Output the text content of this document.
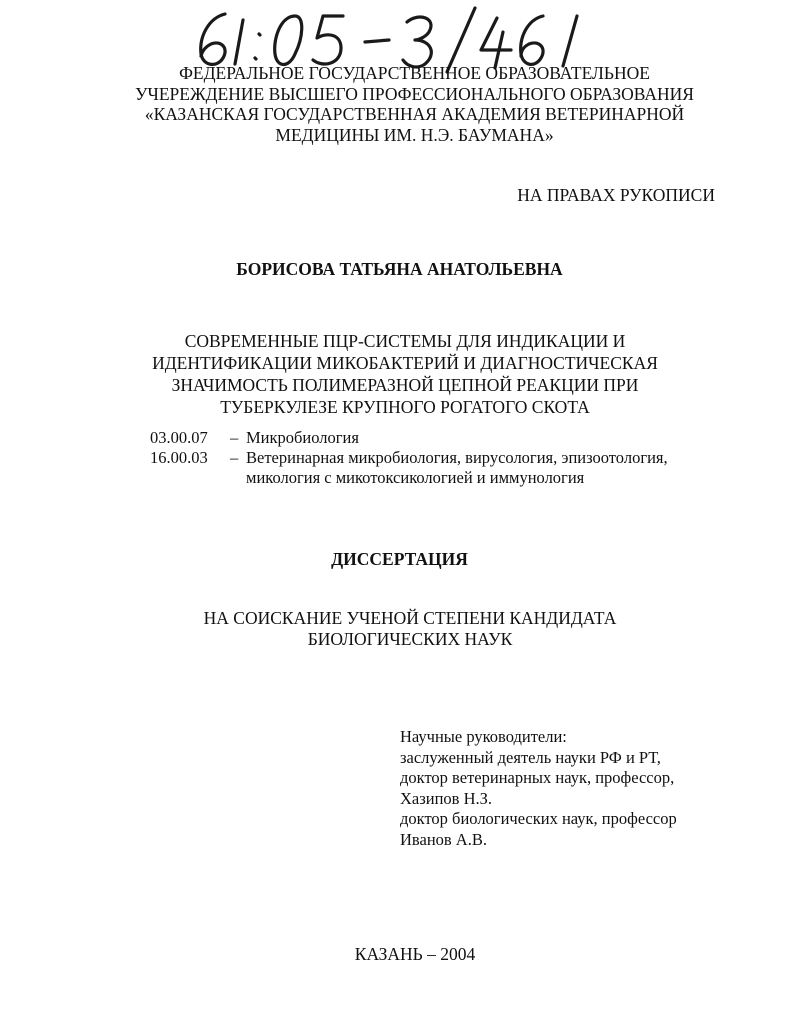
ФЕДЕРАЛЬНОЕ ГОСУДАРСТВЕННОЕ ОБРАЗОВАТЕЛЬНОЕ
УЧЕРЕЖДЕНИЕ ВЫСШЕГО ПРОФЕССИОНАЛЬНОГО ОБРАЗОВАНИЯ
«КАЗАНСКАЯ ГОСУДАРСТВЕННАЯ АКАДЕМИЯ ВЕТЕРИНАРНОЙ
МЕДИЦИНЫ ИМ. Н.Э. БАУМАНА»
НА ПРАВАХ РУКОПИСИ
БОРИСОВА ТАТЬЯНА АНАТОЛЬЕВНА
СОВРЕМЕННЫЕ ПЦР-СИСТЕМЫ ДЛЯ ИНДИКАЦИИ И
ИДЕНТИФИКАЦИИ МИКОБАКТЕРИЙ И ДИАГНОСТИЧЕСКАЯ
ЗНАЧИМОСТЬ ПОЛИМЕРАЗНОЙ ЦЕПНОЙ РЕАКЦИИ ПРИ
ТУБЕРКУЛЕЗЕ КРУПНОГО РОГАТОГО СКОТА
03.00.07	– Микробиология
16.00.03	– Ветеринарная микробиология, вирусология, эпизоотология,
микология с микотоксикологией и иммунология
ДИССЕРТАЦИЯ
НА СОИСКАНИЕ УЧЕНОЙ СТЕПЕНИ КАНДИДАТА
БИОЛОГИЧЕСКИХ НАУК
Научные руководители:
заслуженный деятель науки РФ и РТ,
доктор ветеринарных наук, профессор,
Хазипов Н.З.
доктор биологических наук, профессор
Иванов А.В.
КАЗАНЬ – 2004
